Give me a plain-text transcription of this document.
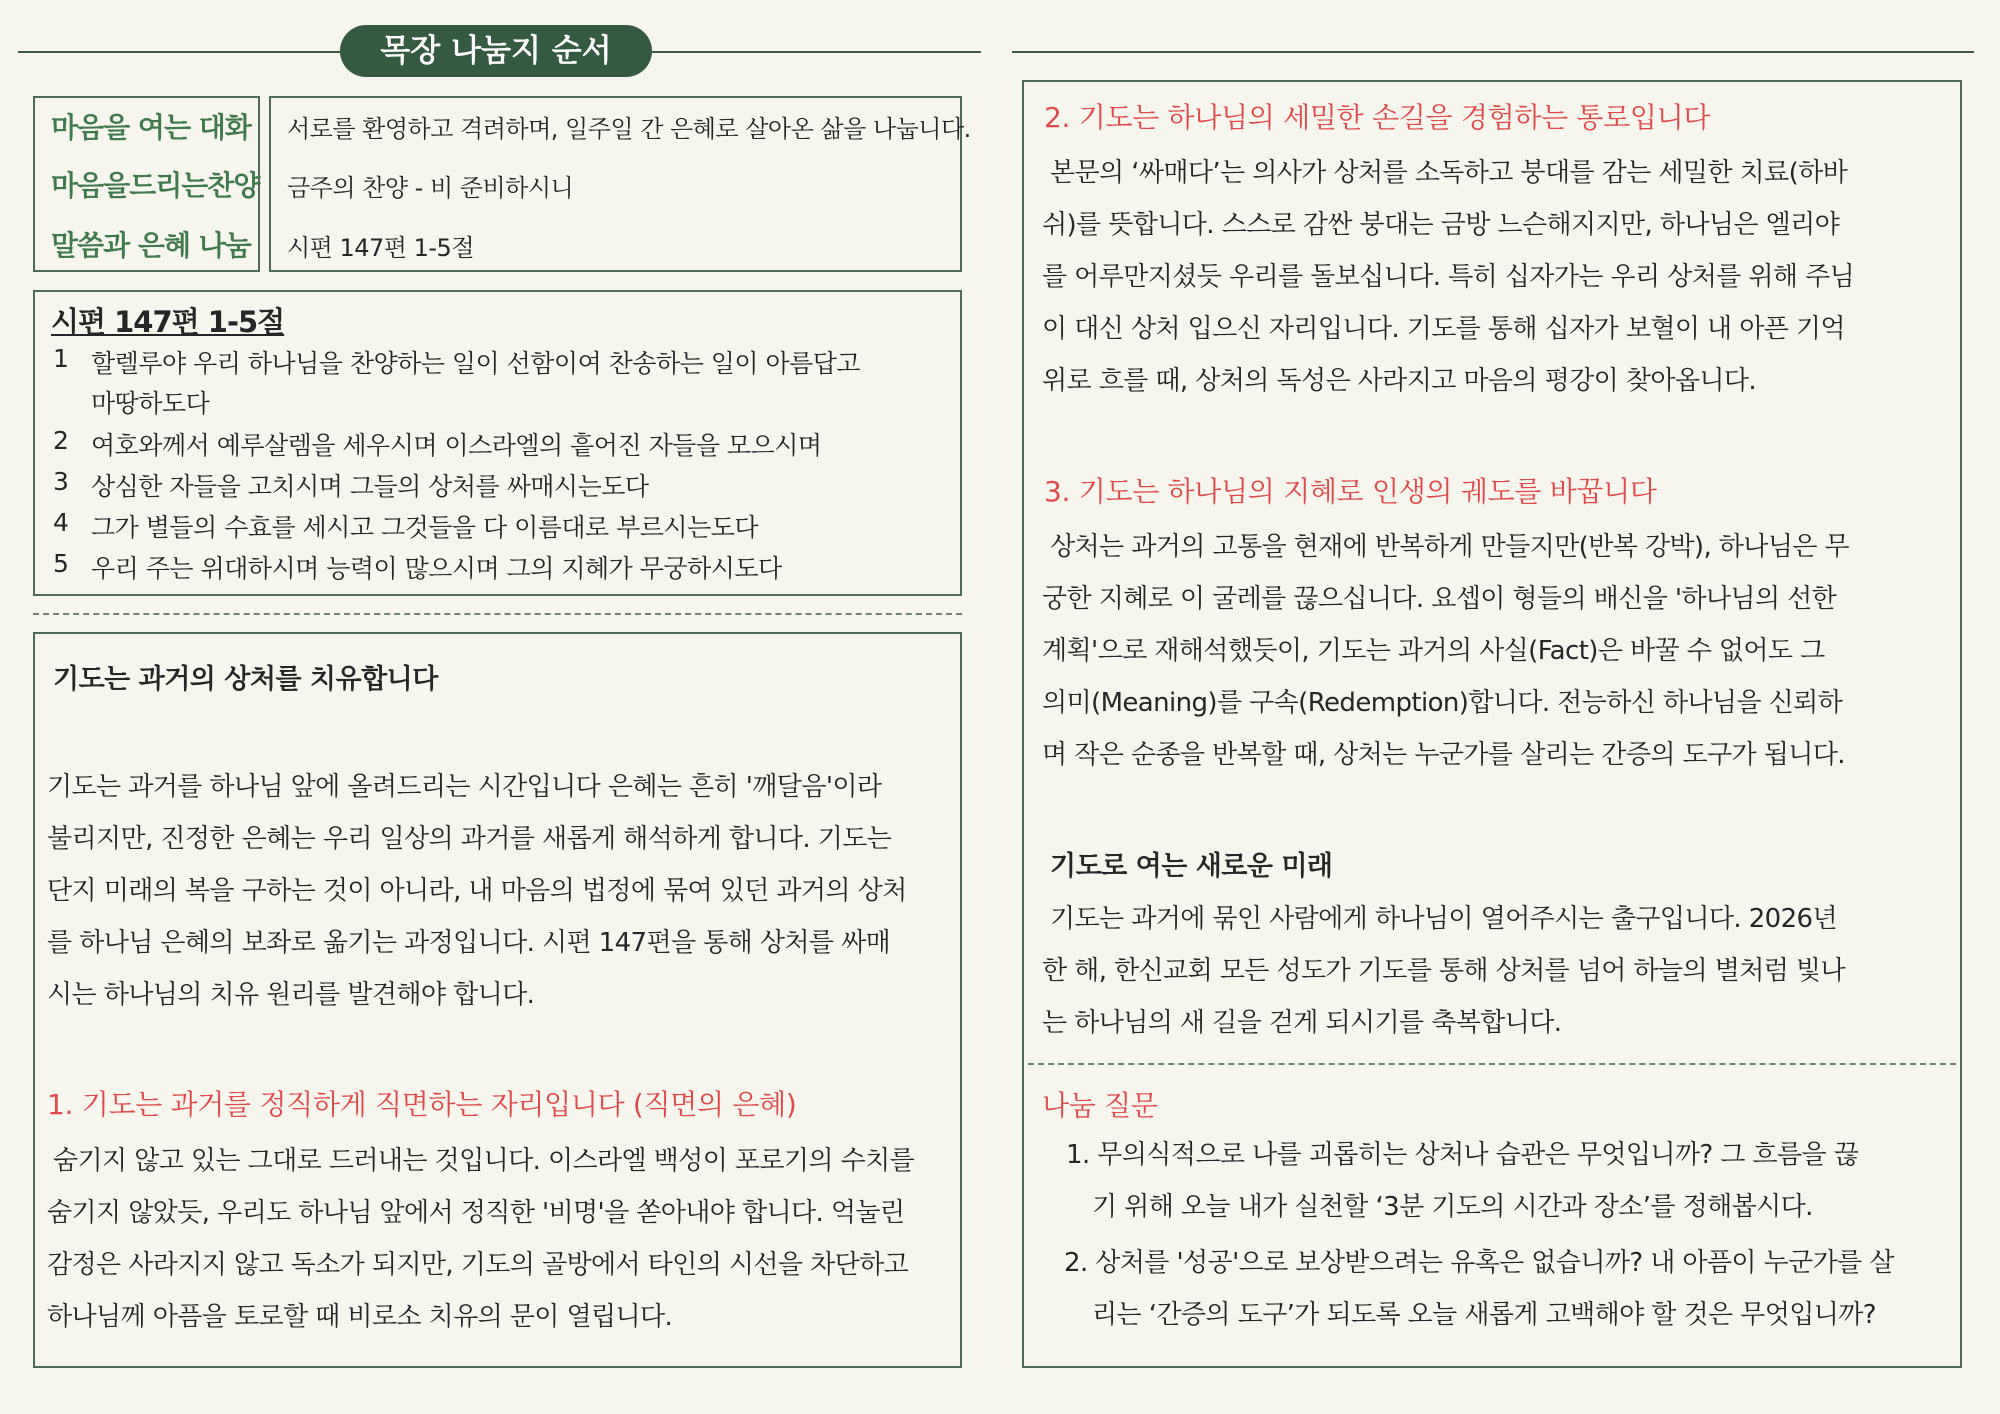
목장 나눔지 순서
마음을 여는 대화
마음을드리는찬양
말씀과 은혜 나눔
서로를 환영하고 격려하며, 일주일 간 은혜로 살아온 삶을 나눕니다.
금주의 찬양 - 비 준비하시니
시편 147편 1-5절
시편 147편 1-5절
1 할렐루야 우리 하나님을 찬양하는 일이 선함이여 찬송하는 일이 아름답고
마땅하도다
2 여호와께서 예루살렘을 세우시며 이스라엘의 흩어진 자들을 모으시며
3 상심한 자들을 고치시며 그들의 상처를 싸매시는도다
4 그가 별들의 수효를 세시고 그것들을 다 이름대로 부르시는도다
5 우리 주는 위대하시며 능력이 많으시며 그의 지혜가 무궁하시도다
기도는 과거의 상처를 치유합니다
기도는 과거를 하나님 앞에 올려드리는 시간입니다 은혜는 흔히 '깨달음'이라
불리지만, 진정한 은혜는 우리 일상의 과거를 새롭게 해석하게 합니다. 기도는
단지 미래의 복을 구하는 것이 아니라, 내 마음의 법정에 묶여 있던 과거의 상처
를 하나님 은혜의 보좌로 옮기는 과정입니다. 시편 147편을 통해 상처를 싸매
시는 하나님의 치유 원리를 발견해야 합니다.
1. 기도는 과거를 정직하게 직면하는 자리입니다 (직면의 은혜)
숨기지 않고 있는 그대로 드러내는 것입니다. 이스라엘 백성이 포로기의 수치를
숨기지 않았듯, 우리도 하나님 앞에서 정직한 '비명'을 쏟아내야 합니다. 억눌린
감정은 사라지지 않고 독소가 되지만, 기도의 골방에서 타인의 시선을 차단하고
하나님께 아픔을 토로할 때 비로소 치유의 문이 열립니다.
2. 기도는 하나님의 세밀한 손길을 경험하는 통로입니다
본문의 ‘싸매다’는 의사가 상처를 소독하고 붕대를 감는 세밀한 치료(하바
쉬)를 뜻합니다. 스스로 감싼 붕대는 금방 느슨해지지만, 하나님은 엘리야
를 어루만지셨듯 우리를 돌보십니다. 특히 십자가는 우리 상처를 위해 주님
이 대신 상처 입으신 자리입니다. 기도를 통해 십자가 보혈이 내 아픈 기억
위로 흐를 때, 상처의 독성은 사라지고 마음의 평강이 찾아옵니다.
3. 기도는 하나님의 지혜로 인생의 궤도를 바꿉니다
상처는 과거의 고통을 현재에 반복하게 만들지만(반복 강박), 하나님은 무
궁한 지혜로 이 굴레를 끊으십니다. 요셉이 형들의 배신을 '하나님의 선한
계획'으로 재해석했듯이, 기도는 과거의 사실(Fact)은 바꿀 수 없어도 그
의미(Meaning)를 구속(Redemption)합니다. 전능하신 하나님을 신뢰하
며 작은 순종을 반복할 때, 상처는 누군가를 살리는 간증의 도구가 됩니다.
기도로 여는 새로운 미래
기도는 과거에 묶인 사람에게 하나님이 열어주시는 출구입니다. 2026년
한 해, 한신교회 모든 성도가 기도를 통해 상처를 넘어 하늘의 별처럼 빛나
는 하나님의 새 길을 걷게 되시기를 축복합니다.
나눔 질문
1. 무의식적으로 나를 괴롭히는 상처나 습관은 무엇입니까? 그 흐름을 끊
기 위해 오늘 내가 실천할 ‘3분 기도의 시간과 장소’를 정해봅시다.
2. 상처를 '성공'으로 보상받으려는 유혹은 없습니까? 내 아픔이 누군가를 살
리는 ‘간증의 도구’가 되도록 오늘 새롭게 고백해야 할 것은 무엇입니까?
